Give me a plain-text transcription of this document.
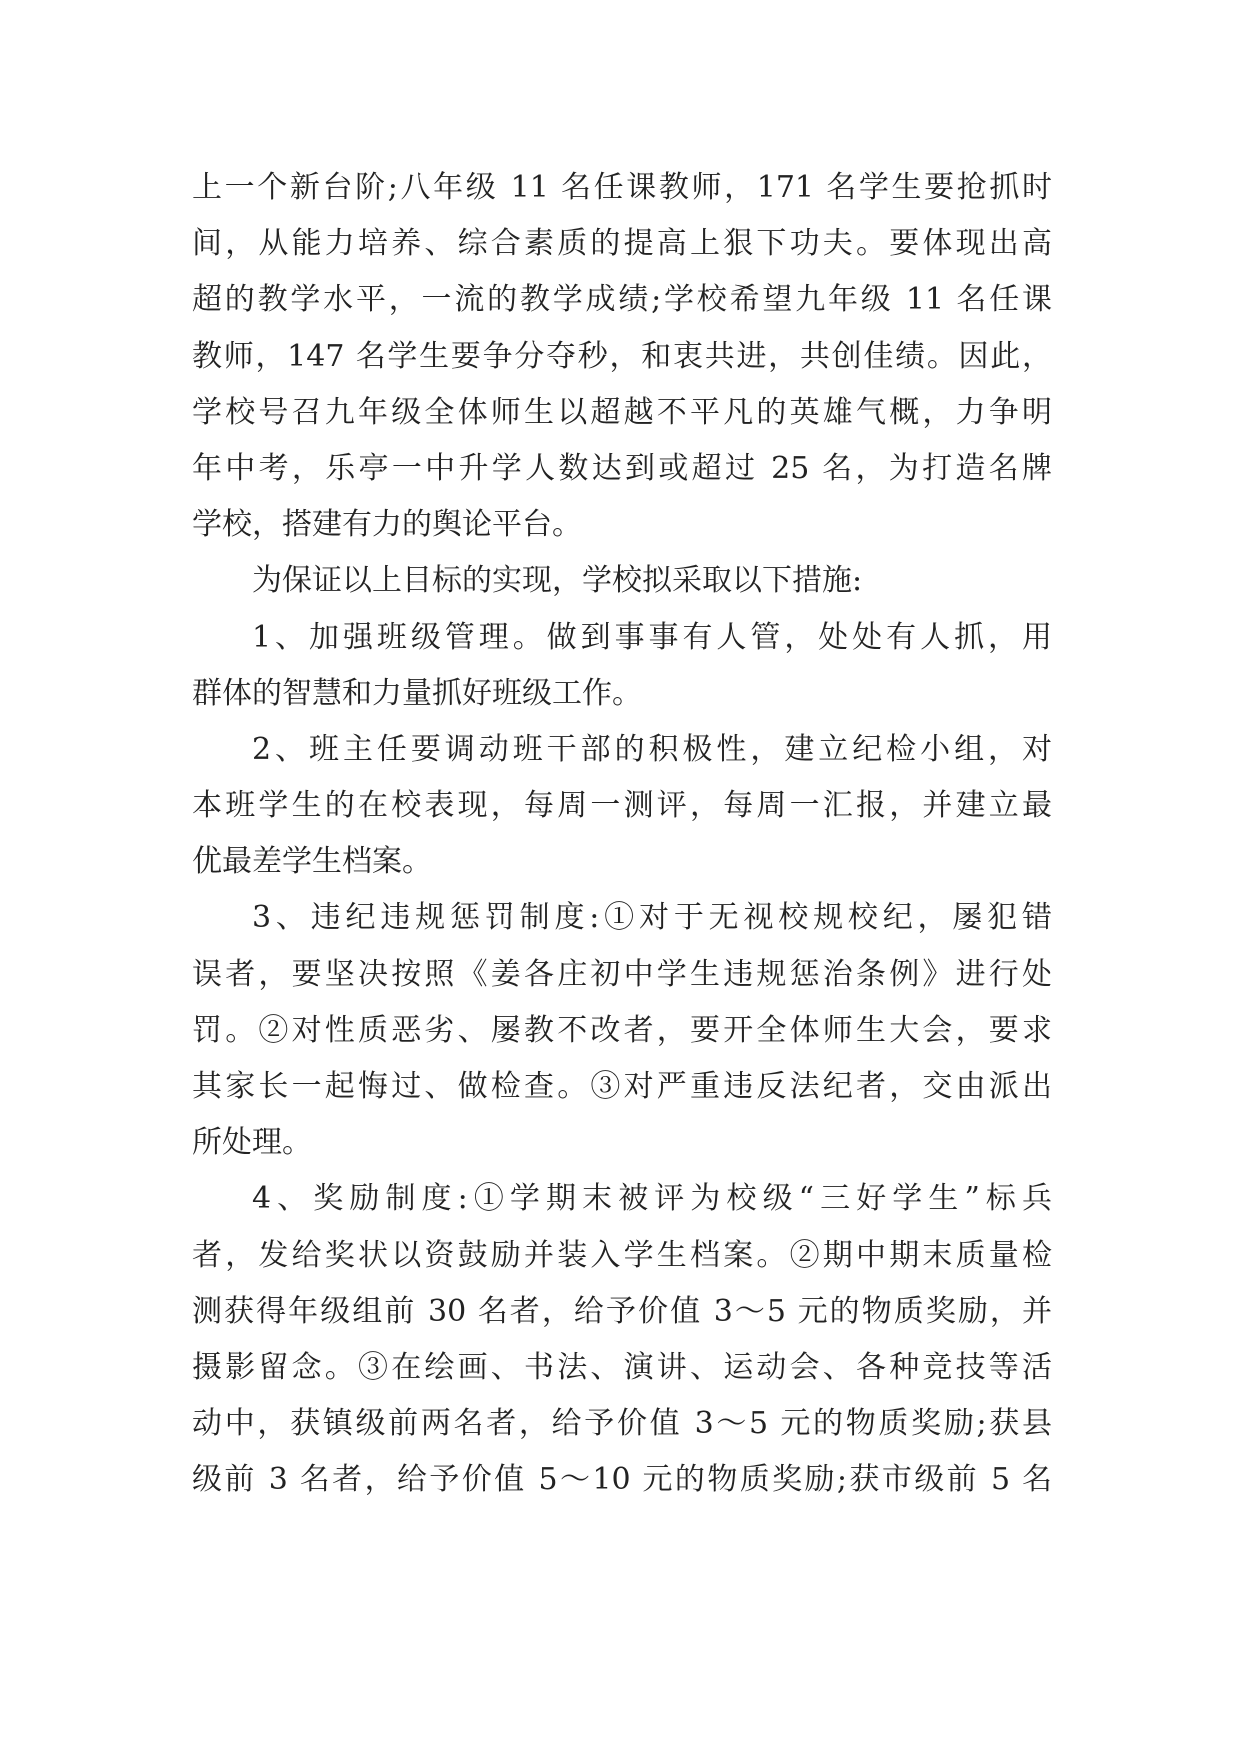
上一个新台阶;八年级 11 名任课教师，171 名学生要抢抓时
间，从能力培养、综合素质的提高上狠下功夫。要体现出高
超的教学水平，一流的教学成绩;学校希望九年级 11 名任课
教师，147 名学生要争分夺秒，和衷共进，共创佳绩。因此，
学校号召九年级全体师生以超越不平凡的英雄气概，力争明
年中考，乐亭一中升学人数达到或超过 25 名，为打造名牌
学校，搭建有力的舆论平台。
为保证以上目标的实现，学校拟采取以下措施:
1、加强班级管理。做到事事有人管，处处有人抓，用
群体的智慧和力量抓好班级工作。
2、班主任要调动班干部的积极性，建立纪检小组，对
本班学生的在校表现，每周一测评，每周一汇报，并建立最
优最差学生档案。
3、违纪违规惩罚制度:①对于无视校规校纪，屡犯错
误者，要坚决按照《姜各庄初中学生违规惩治条例》进行处
罚。②对性质恶劣、屡教不改者，要开全体师生大会，要求
其家长一起悔过、做检查。③对严重违反法纪者，交由派出
所处理。
4、奖励制度:①学期末被评为校级“三好学生”标兵
者，发给奖状以资鼓励并装入学生档案。②期中期末质量检
测获得年级组前 30 名者，给予价值 3～5 元的物质奖励，并
摄影留念。③在绘画、书法、演讲、运动会、各种竞技等活
动中，获镇级前两名者，给予价值 3～5 元的物质奖励;获县
级前 3 名者，给予价值 5～10 元的物质奖励;获市级前 5 名
